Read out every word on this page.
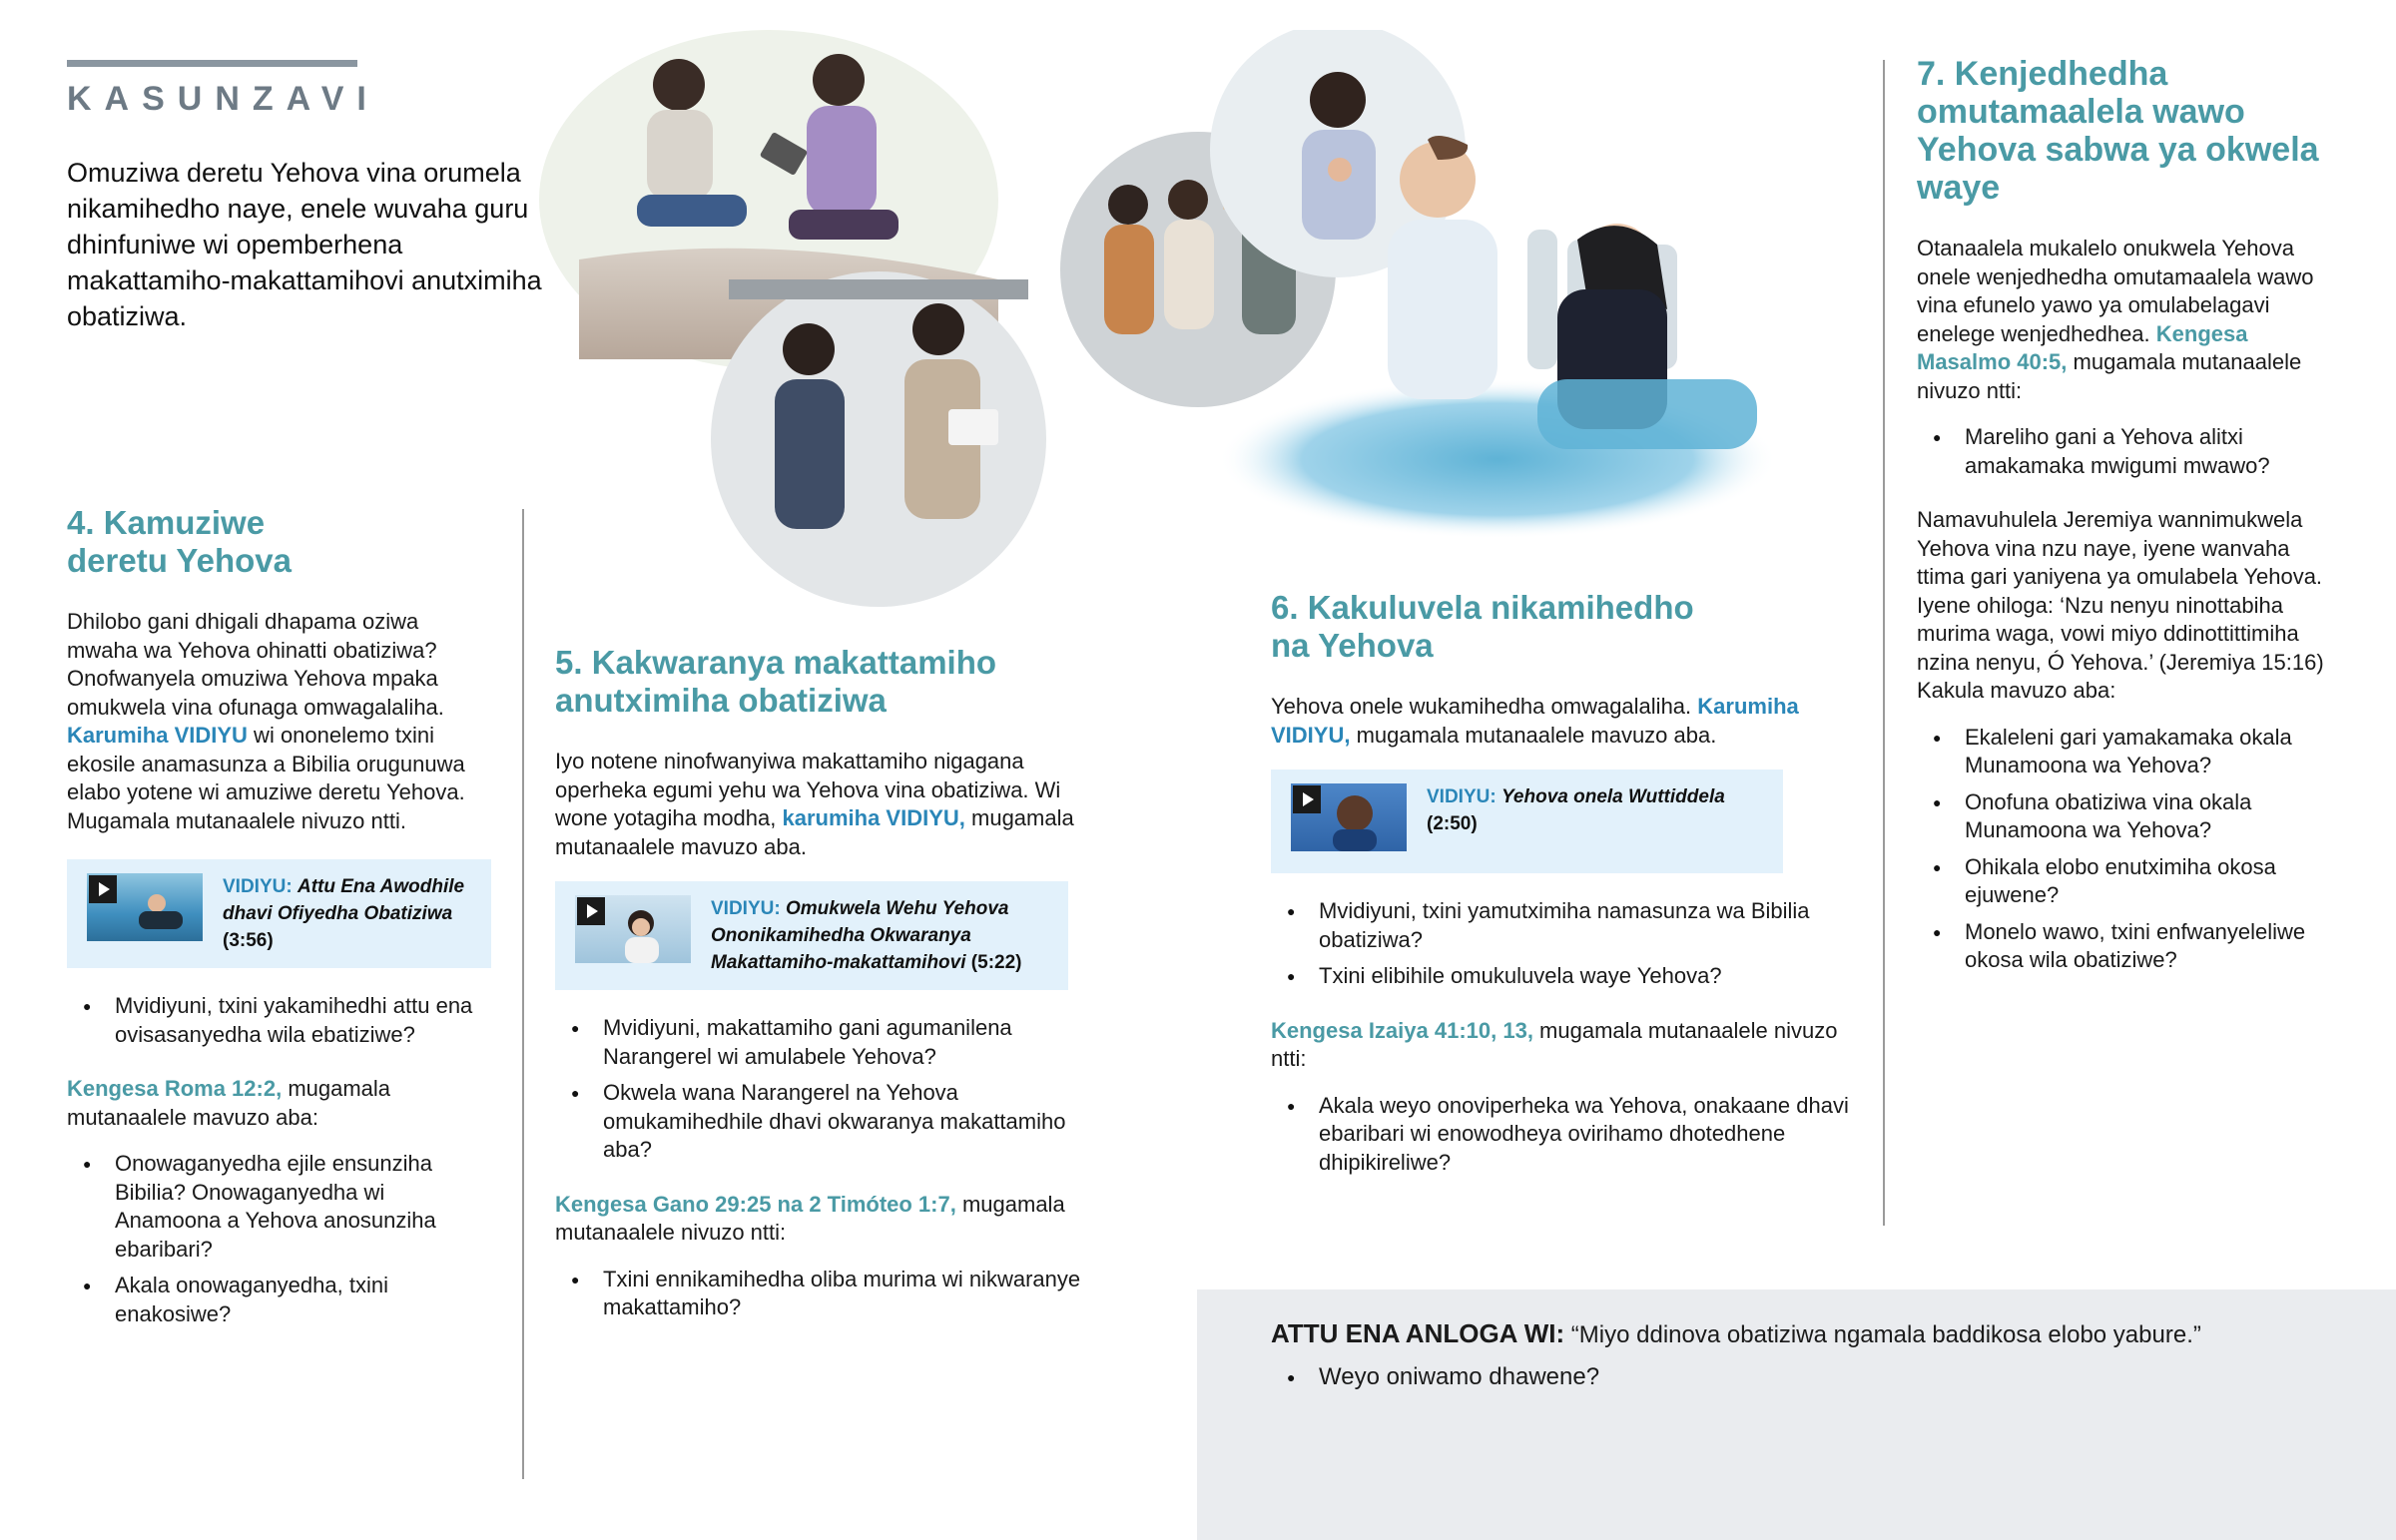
KASUNZAVI
Omuziwa deretu Yehova vina orumela nikamihedho naye, enele wuvaha guru dhinfuniwe wi opemberhena makattamiho-makattamihovi anutximiha obatiziwa.
4. Kamuziwe
deretu Yehova

Dhilobo gani dhigali dhapama oziwa mwaha wa Yehova ohinatti obatiziwa? Onofwanyela omuziwa Yehova mpaka omukwela vina ofunaga omwagalaliha. Karumiha VIDIYU wi ononelemo txini ekosile anamasunza a Bibilia orugunuwa elabo yotene wi amuziwe deretu Yehova. Mugamala mutanaalele nivuzo ntti.

VIDIYU: Attu Ena Awodhile dhavi Ofiyedha Obatiziwa
(3:56)
● Mvidiyuni, txini yakamihedhi attu ena ovisasanyedha wila ebatiziwe?

Kengesa Roma 12:2, mugamala mutanaalele mavuzo aba:

● Onowaganyedha ejile ensunziha Bibilia? Onowaganyedha wi Anamoona a Yehova anosunziha ebaribari?
● Akala onowaganyedha, txini enakosiwe?
5. Kakwaranya makattamiho
anutximiha obatiziwa

Iyo notene ninofwanyiwa makattamiho nigagana operheka egumi yehu wa Yehova vina obatiziwa. Wi wone yotagiha modha, karumiha VIDIYU, mugamala mutanaalele mavuzo aba.

VIDIYU: Omukwela Wehu Yehova Ononikamihedha Okwaranya Makattamiho-makattamihovi (5:22)
● Mvidiyuni, makattamiho gani agumanilena Narangerel wi amulabele Yehova?
● Okwela wana Narangerel na Yehova omukamihedhile dhavi okwaranya makattamiho aba?

Kengesa Gano 29:25 na 2 Timóteo 1:7, mugamala mutanaalele nivuzo ntti:

● Txini ennikamihedha oliba murima wi nikwaranye makattamiho?
6. Kakuluvela nikamihedho
na Yehova

Yehova onele wukamihedha omwagalaliha. Karumiha VIDIYU, mugamala mutanaalele mavuzo aba.

VIDIYU: Yehova onela Wuttiddela
(2:50)
● Mvidiyuni, txini yamutximiha namasunza wa Bibilia obatiziwa?
● Txini elibihile omukuluvela waye Yehova?

Kengesa Izaiya 41:10, 13, mugamala mutanaalele nivuzo ntti:

● Akala weyo onoviperheka wa Yehova, onakaane dhavi ebaribari wi enowodheya ovirihamo dhotedhene dhipikireliwe?
7. Kenjedhedha omutamaalela wawo Yehova sabwa ya okwela waye

Otanaalela mukalelo onukwela Yehova onele wenjedhedha omutamaalela wawo vina efunelo yawo ya omulabelagavi enelege wenjedhedhea. Kengesa Masalmo 40:5, mugamala mutanaalele nivuzo ntti:

● Mareliho gani a Yehova alitxi amakamaka mwigumi mwawo?

Namavuhulela Jeremiya wannimukwela Yehova vina nzu naye, iyene wanvaha ttima gari yaniyena ya omulabela Yehova. Iyene ohiloga: ‘Nzu nenyu ninottabiha murima waga, vowi miyo ddinottittimiha nzina nenyu, Ó Yehova.’ (Jeremiya 15:16) Kakula mavuzo aba:

● Ekaleleni gari yamakamaka okala Munamoona wa Yehova?
● Onofuna obatiziwa vina okala Munamoona wa Yehova?
● Ohikala elobo enutximiha okosa ejuwene?
● Monelo wawo, txini enfwanyeleliwe okosa wila obatiziwe?
ATTU ENA ANLOGA WI: “Miyo ddinova obatiziwa ngamala baddikosa elobo yabure.”
● Weyo oniwamo dhawene?
